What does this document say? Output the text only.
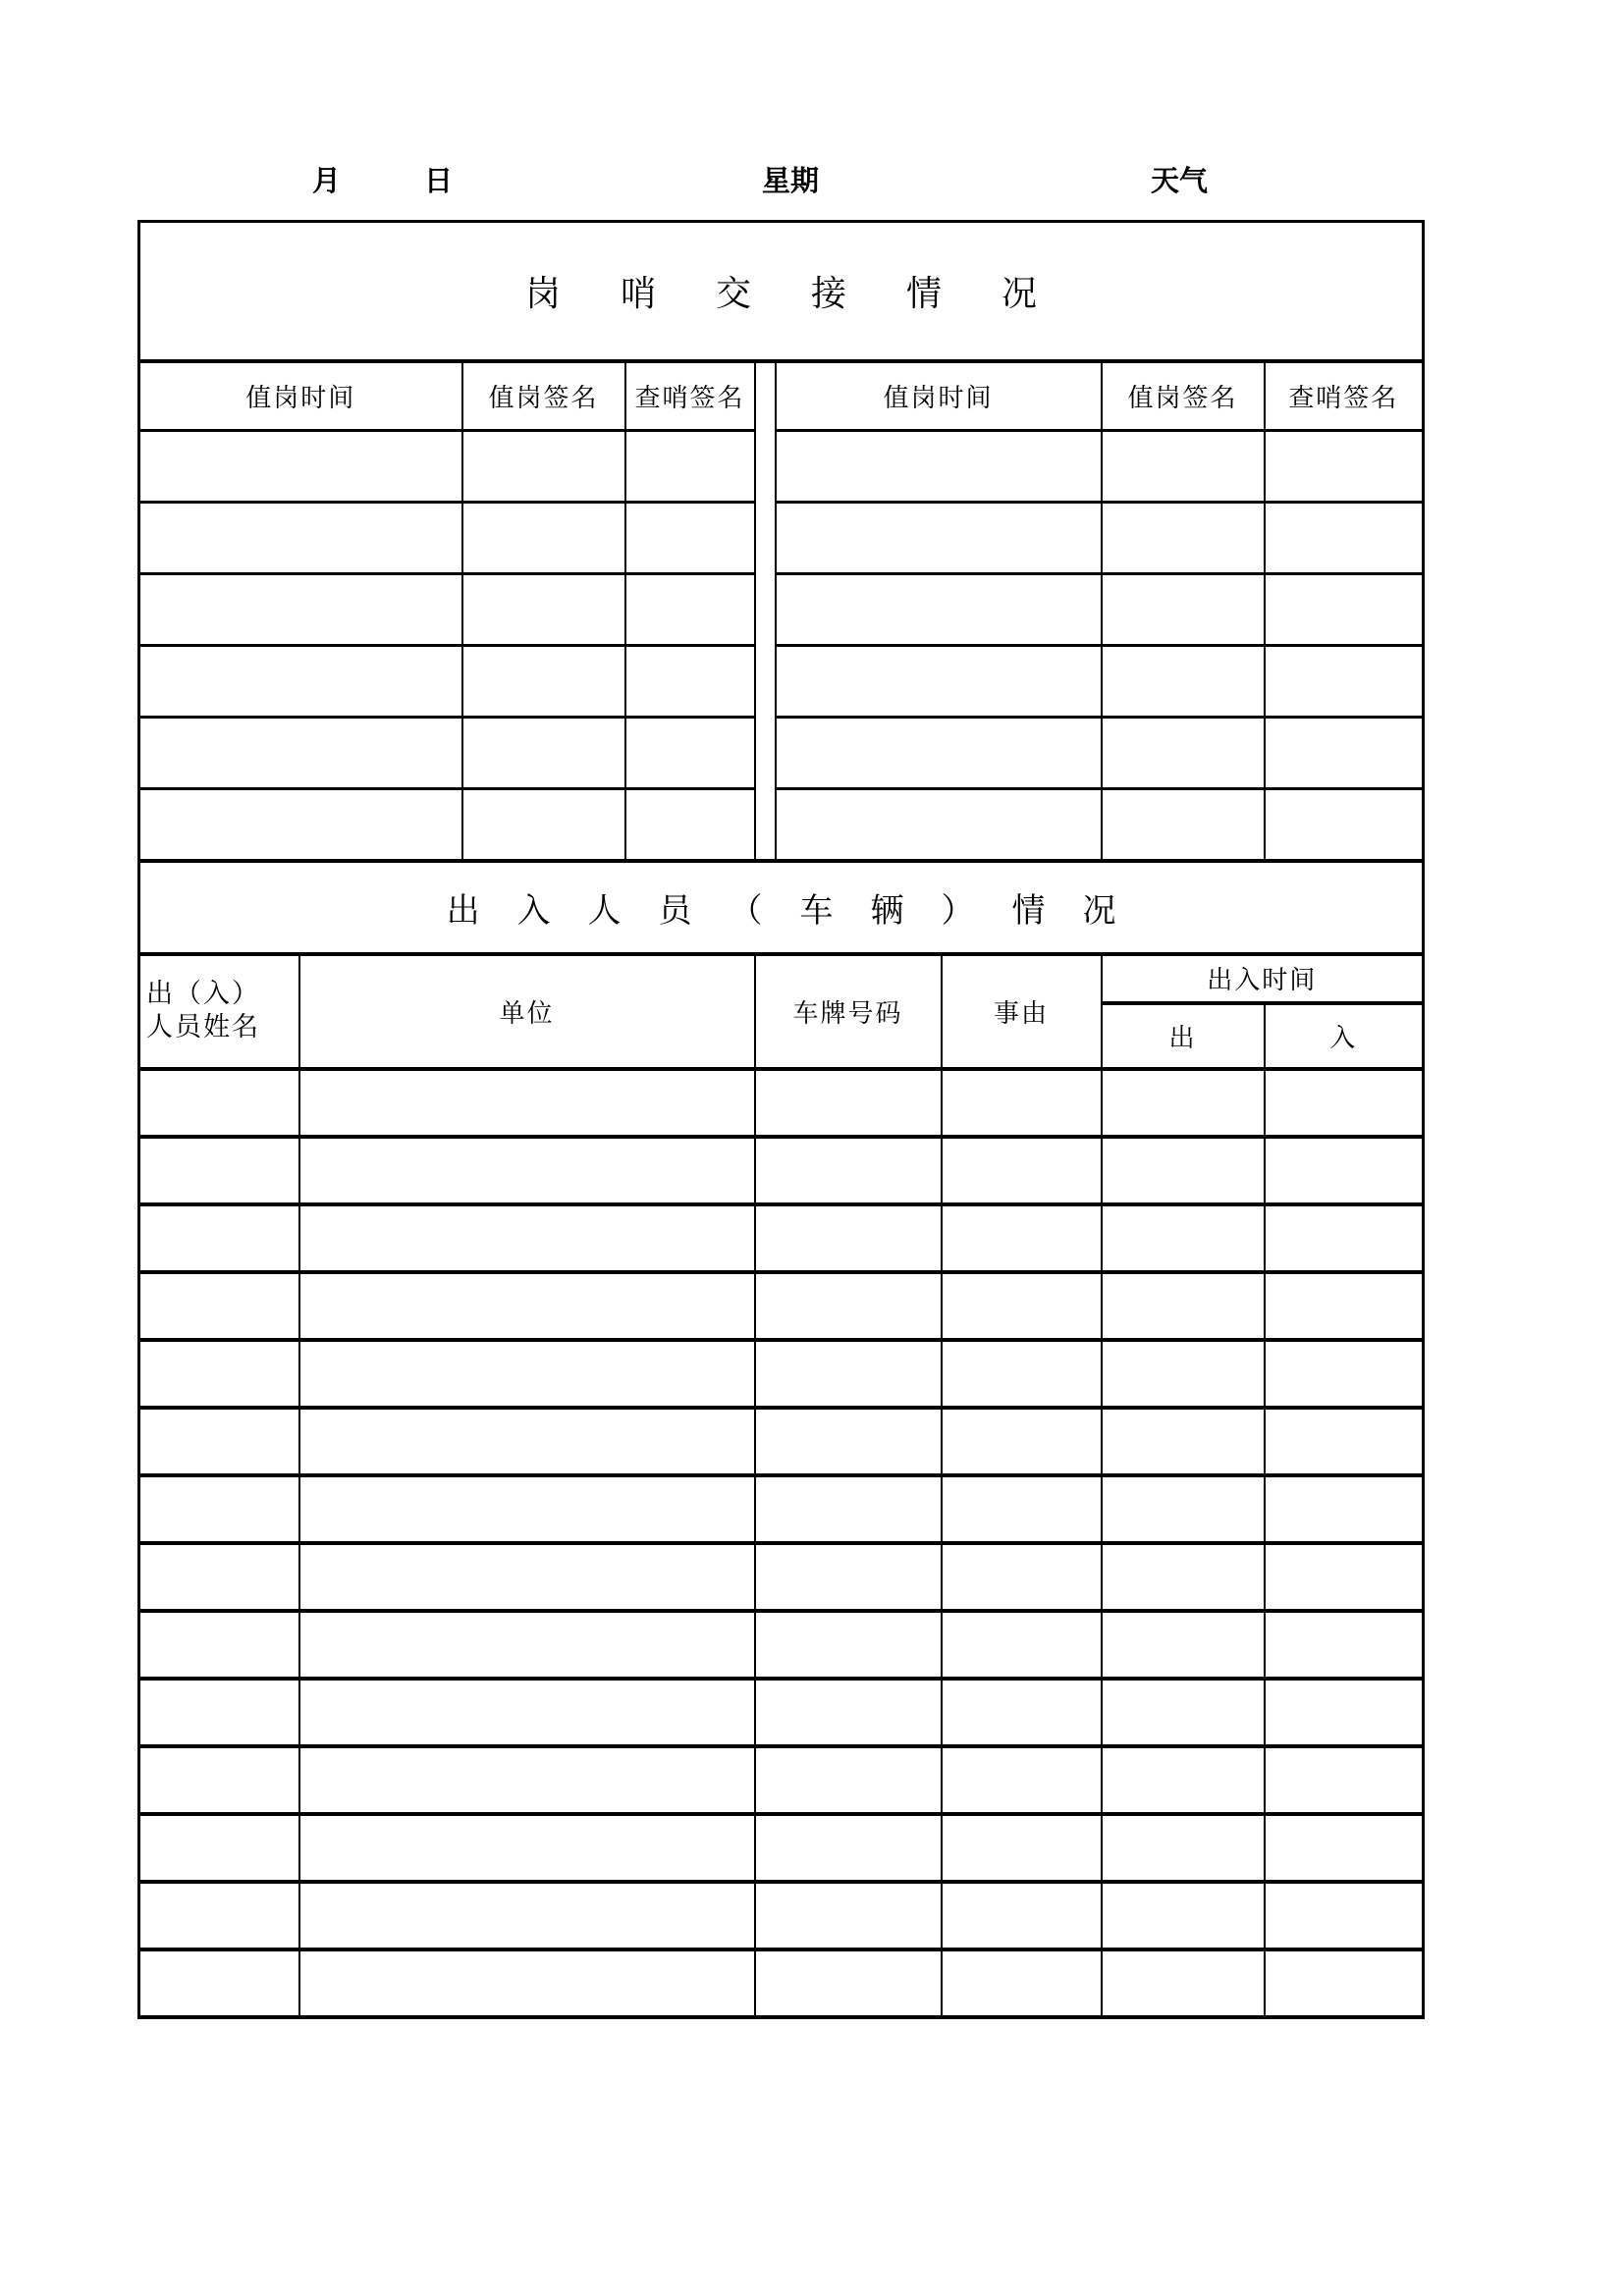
月	日	星期	天气
岗哨交接情况								
值岗时间		值岗签名	查哨签名		值岗时间		值岗签名	查哨签名

出入人员（车辆）情况								

出（入）
人员姓名	单位			车牌号码		事由	出入时间	
							出	入
